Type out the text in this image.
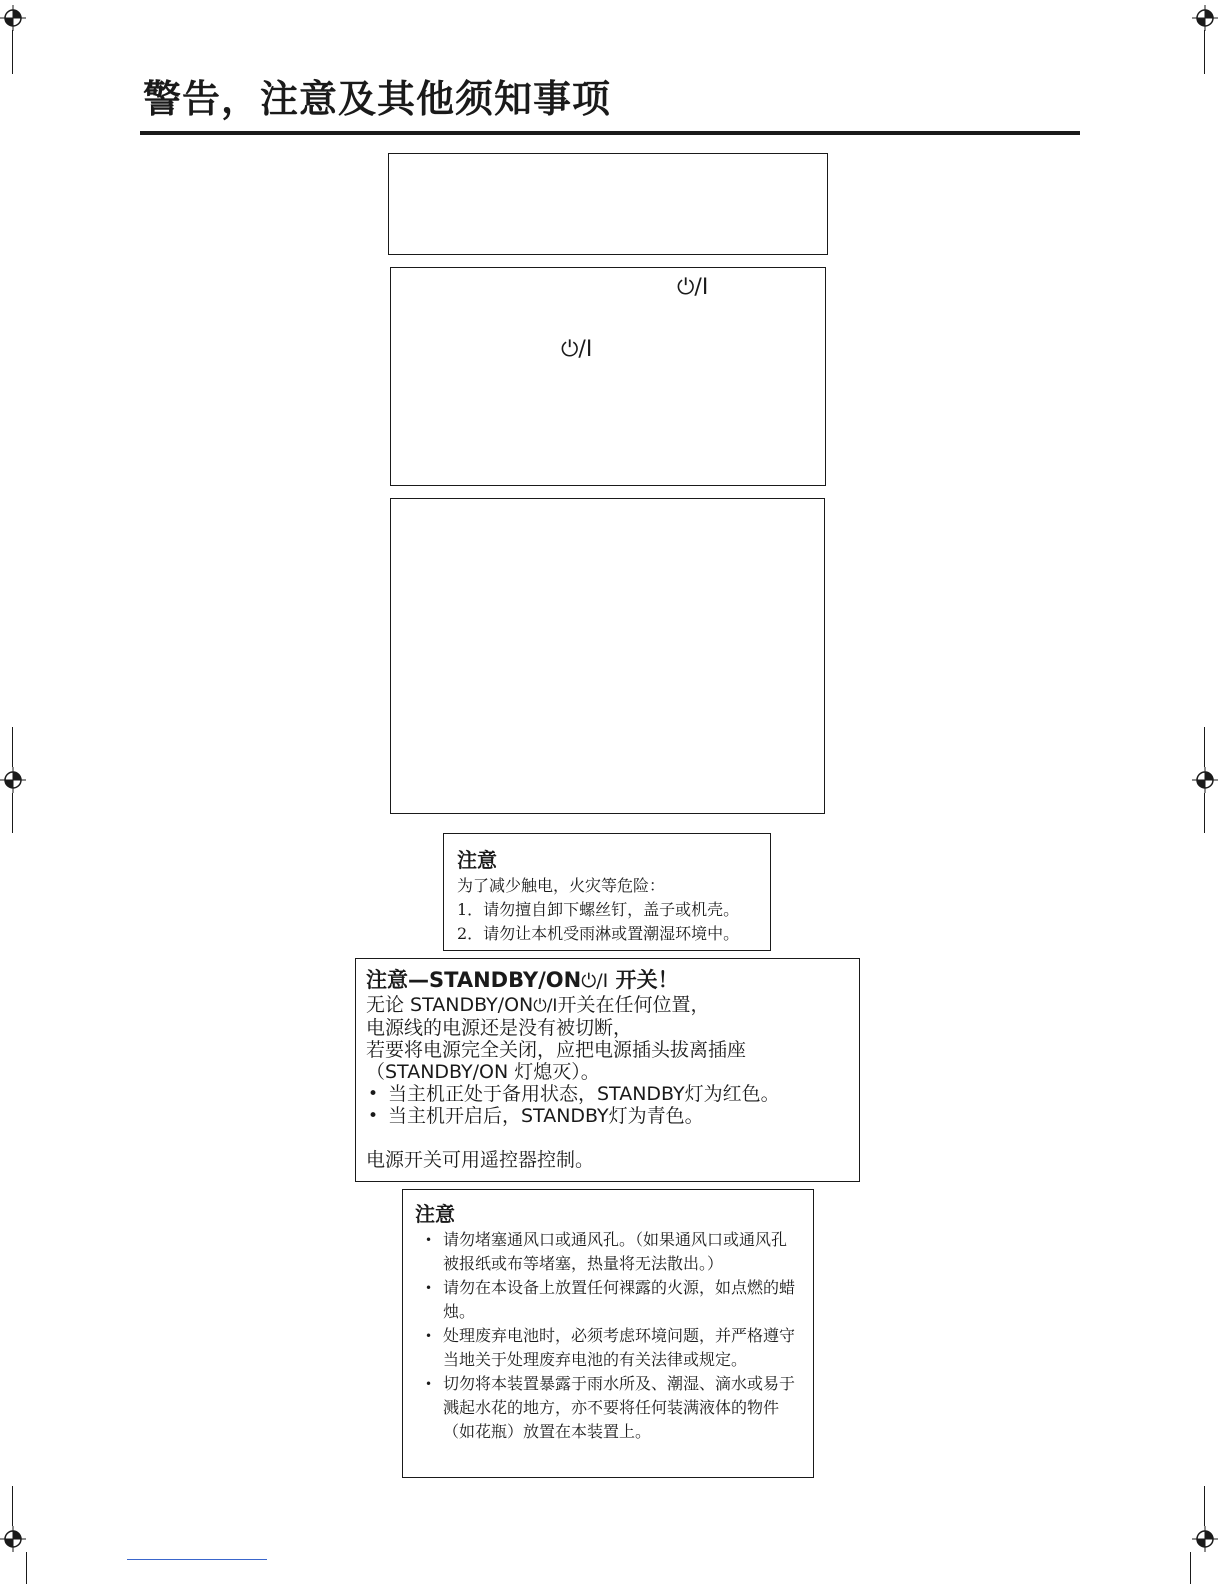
警告，注意及其他须知事项
⏻/I
⏻/I

注意

为了减少触电，火灾等危险：

1．请勿擅自卸下螺丝钉，盖子或机壳。

2．请勿让本机受雨淋或置潮湿环境中。

注意—STANDBY/ON⏻/I 开关！

无论 STANDBY/ON⏻/I开关在任何位置，

电源线的电源还是没有被切断，

若要将电源完全关闭，应把电源插头拔离插座

（STANDBY/ON 灯熄灭）。

• 当主机正处于备用状态，STANDBY灯为红色。
• 当主机开启后，STANDBY灯为青色。

电源开关可用遥控器控制。

注意

• 请勿堵塞通风口或通风孔。（如果通风口或通风孔被报纸或布等堵塞，热量将无法散出。）
• 请勿在本设备上放置任何裸露的火源，如点燃的蜡烛。
• 处理废弃电池时，必须考虑环境问题，并严格遵守当地关于处理废弃电池的有关法律或规定。
• 切勿将本装置暴露于雨水所及、潮湿、滴水或易于溅起水花的地方，亦不要将任何装满液体的物件（如花瓶）放置在本装置上。
